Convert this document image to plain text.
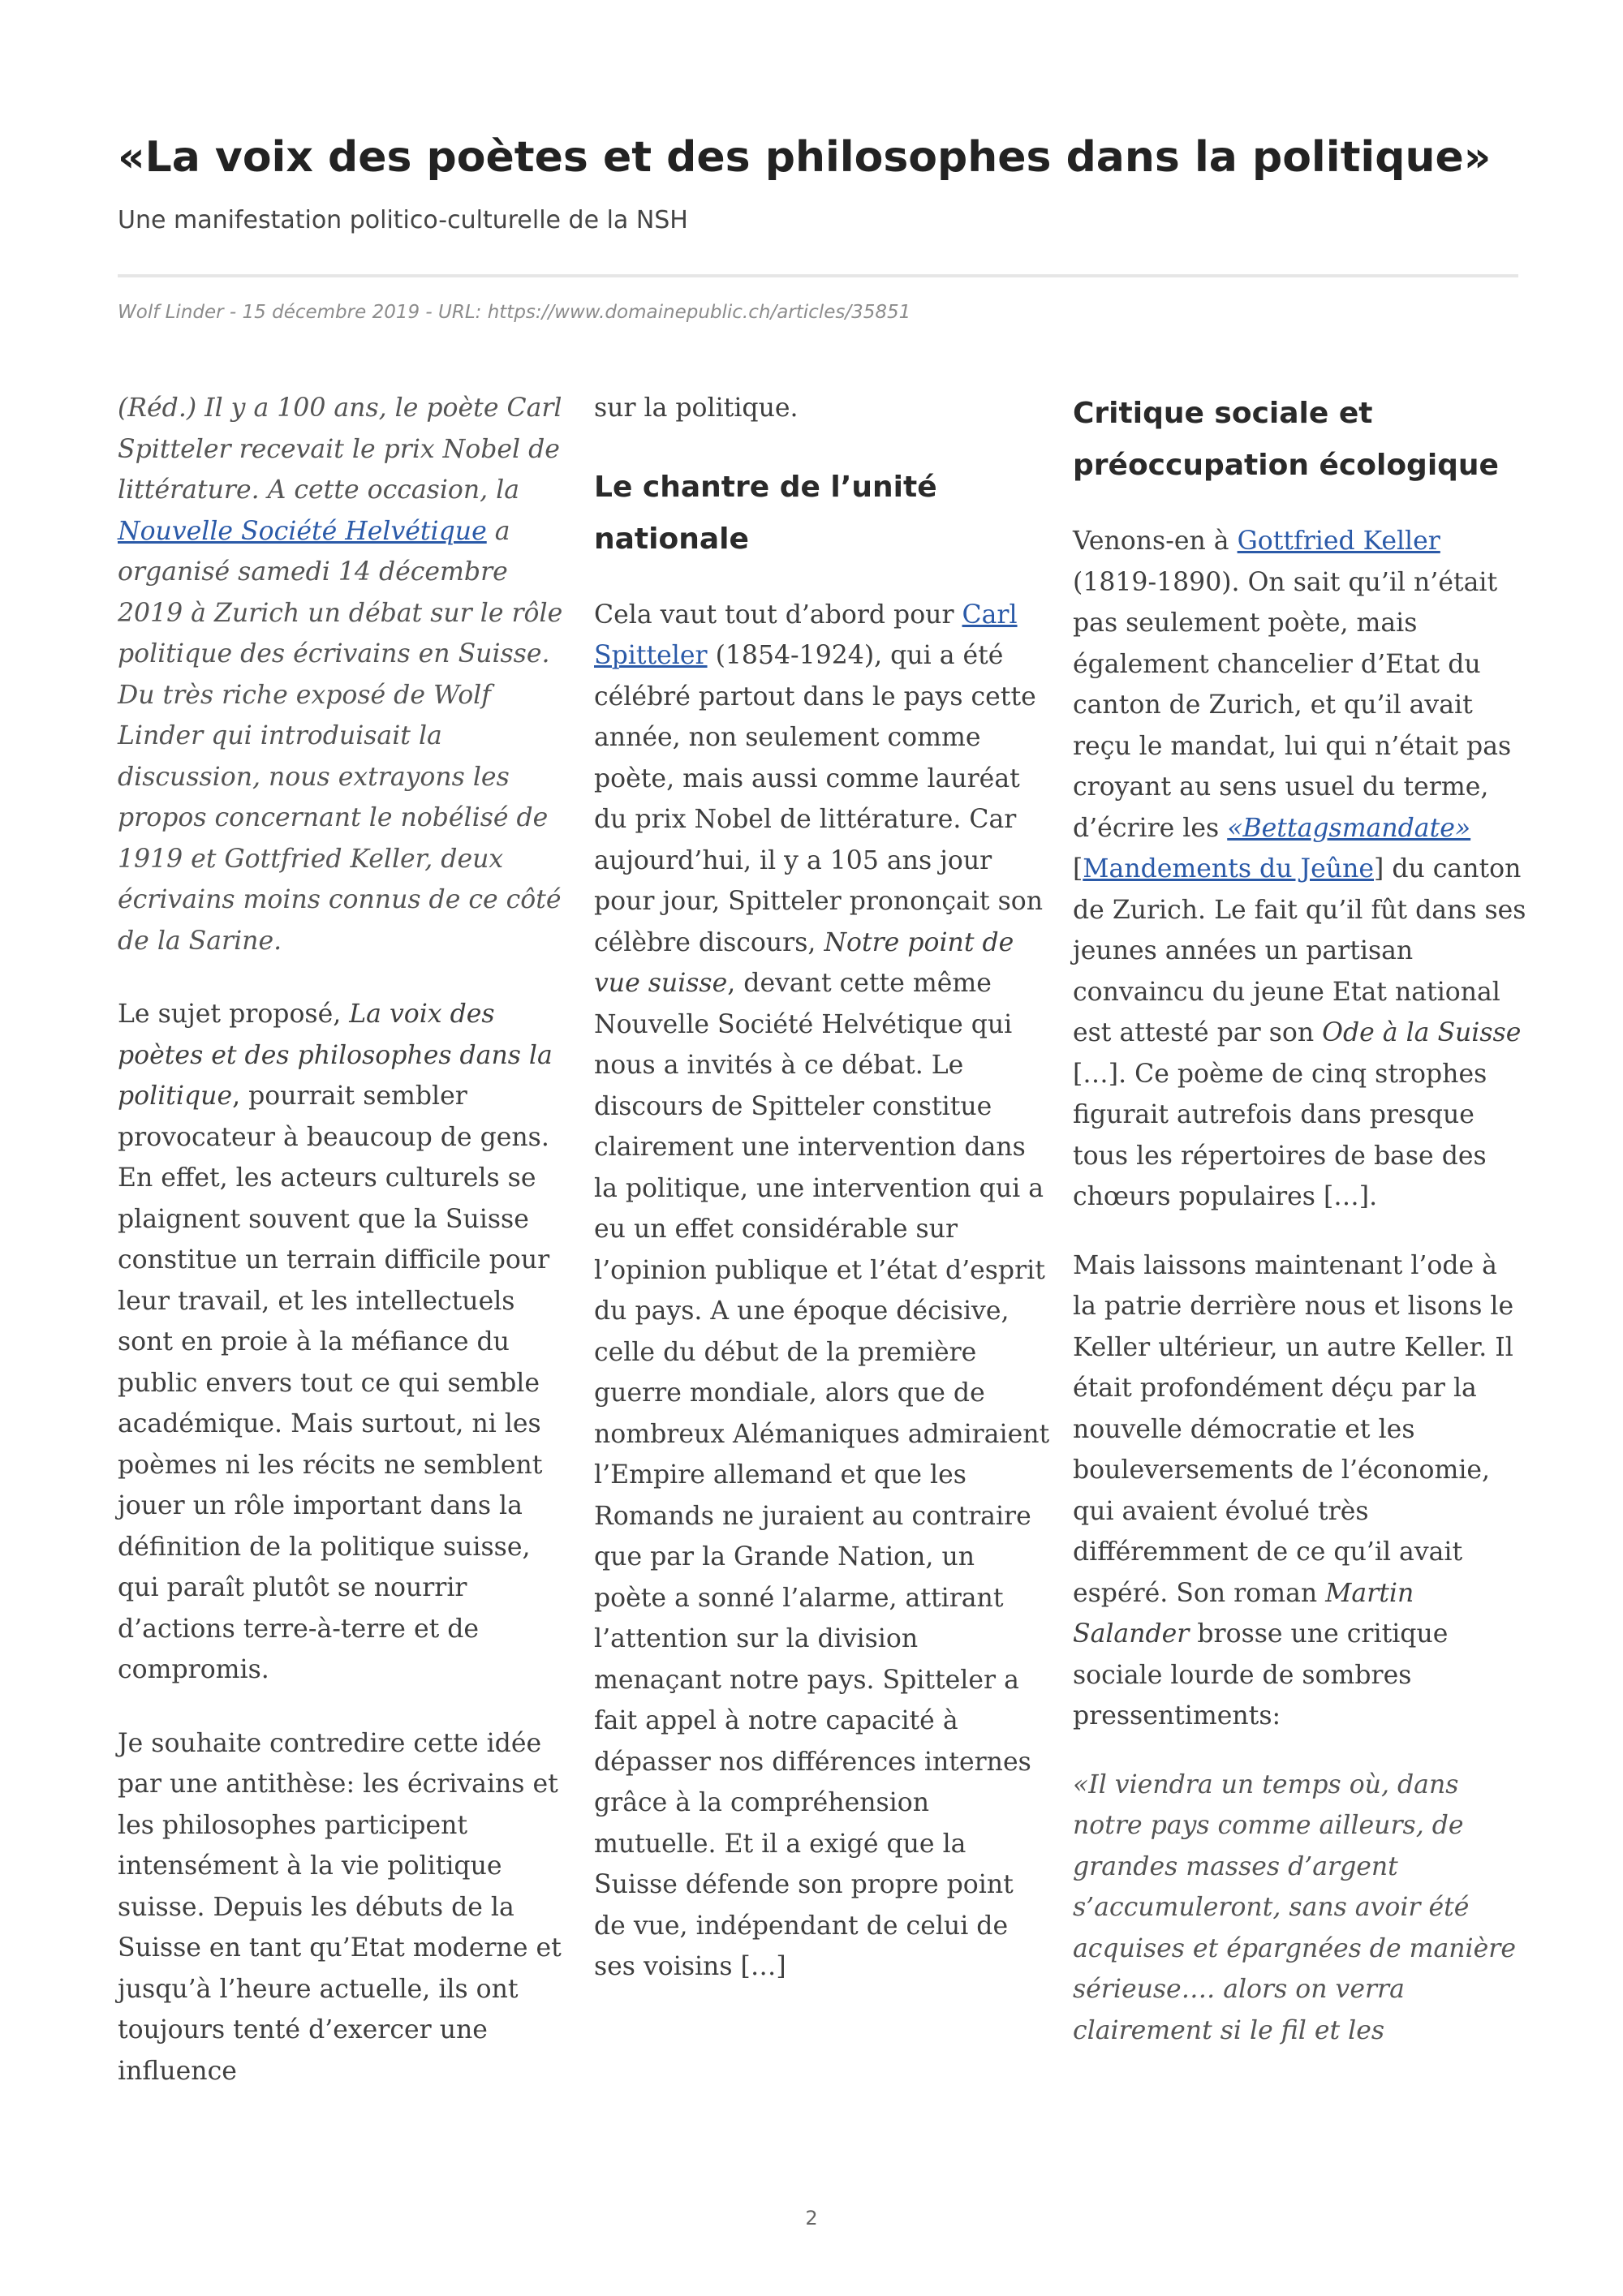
«La voix des poètes et des philosophes dans la politique»

Une manifestation politico-culturelle de la NSH

Wolf Linder - 15 décembre 2019 - URL: https://www.domainepublic.ch/articles/35851

(Réd.) Il y a 100 ans, le poète Carl Spitteler recevait le prix Nobel de littérature. A cette occasion, la Nouvelle Société Helvétique a organisé samedi 14 décembre 2019 à Zurich un débat sur le rôle politique des écrivains en Suisse. Du très riche exposé de Wolf Linder qui introduisait la discussion, nous extrayons les propos concernant le nobélisé de 1919 et Gottfried Keller, deux écrivains moins connus de ce côté de la Sarine.

Le sujet proposé, La voix des poètes et des philosophes dans la politique, pourrait sembler provocateur à beaucoup de gens. En effet, les acteurs culturels se plaignent souvent que la Suisse constitue un terrain difficile pour leur travail, et les intellectuels sont en proie à la méfiance du public envers tout ce qui semble académique. Mais surtout, ni les poèmes ni les récits ne semblent jouer un rôle important dans la définition de la politique suisse, qui paraît plutôt se nourrir d’actions terre-à-terre et de compromis.

Je souhaite contredire cette idée par une antithèse: les écrivains et les philosophes participent intensément à la vie politique suisse. Depuis les débuts de la Suisse en tant qu’Etat moderne et jusqu’à l’heure actuelle, ils ont toujours tenté d’exercer une influence

sur la politique.

Le chantre de l’unité nationale

Cela vaut tout d’abord pour Carl Spitteler (1854-1924), qui a été célébré partout dans le pays cette année, non seulement comme poète, mais aussi comme lauréat du prix Nobel de littérature. Car aujourd’hui, il y a 105 ans jour pour jour, Spitteler prononçait son célèbre discours, Notre point de vue suisse, devant cette même Nouvelle Société Helvétique qui nous a invités à ce débat. Le discours de Spitteler constitue clairement une intervention dans la politique, une intervention qui a eu un effet considérable sur l’opinion publique et l’état d’esprit du pays. A une époque décisive, celle du début de la première guerre mondiale, alors que de nombreux Alémaniques admiraient l’Empire allemand et que les Romands ne juraient au contraire que par la Grande Nation, un poète a sonné l’alarme, attirant l’attention sur la division menaçant notre pays. Spitteler a fait appel à notre capacité à dépasser nos différences internes grâce à la compréhension mutuelle. Et il a exigé que la Suisse défende son propre point de vue, indépendant de celui de ses voisins […]

Critique sociale et préoccupation écologique

Venons-en à Gottfried Keller (1819-1890). On sait qu’il n’était pas seulement poète, mais également chancelier d’Etat du canton de Zurich, et qu’il avait reçu le mandat, lui qui n’était pas croyant au sens usuel du terme, d’écrire les «Bettagsmandate» [Mandements du Jeûne] du canton de Zurich. Le fait qu’il fût dans ses jeunes années un partisan convaincu du jeune Etat national est attesté par son Ode à la Suisse […]. Ce poème de cinq strophes figurait autrefois dans presque tous les répertoires de base des chœurs populaires […].

Mais laissons maintenant l’ode à la patrie derrière nous et lisons le Keller ultérieur, un autre Keller. Il était profondément déçu par la nouvelle démocratie et les bouleversements de l’économie, qui avaient évolué très différemment de ce qu’il avait espéré. Son roman Martin Salander brosse une critique sociale lourde de sombres pressentiments:

«Il viendra un temps où, dans notre pays comme ailleurs, de grandes masses d’argent s’accumuleront, sans avoir été acquises et épargnées de manière sérieuse…. alors on verra clairement si le fil et les

2
